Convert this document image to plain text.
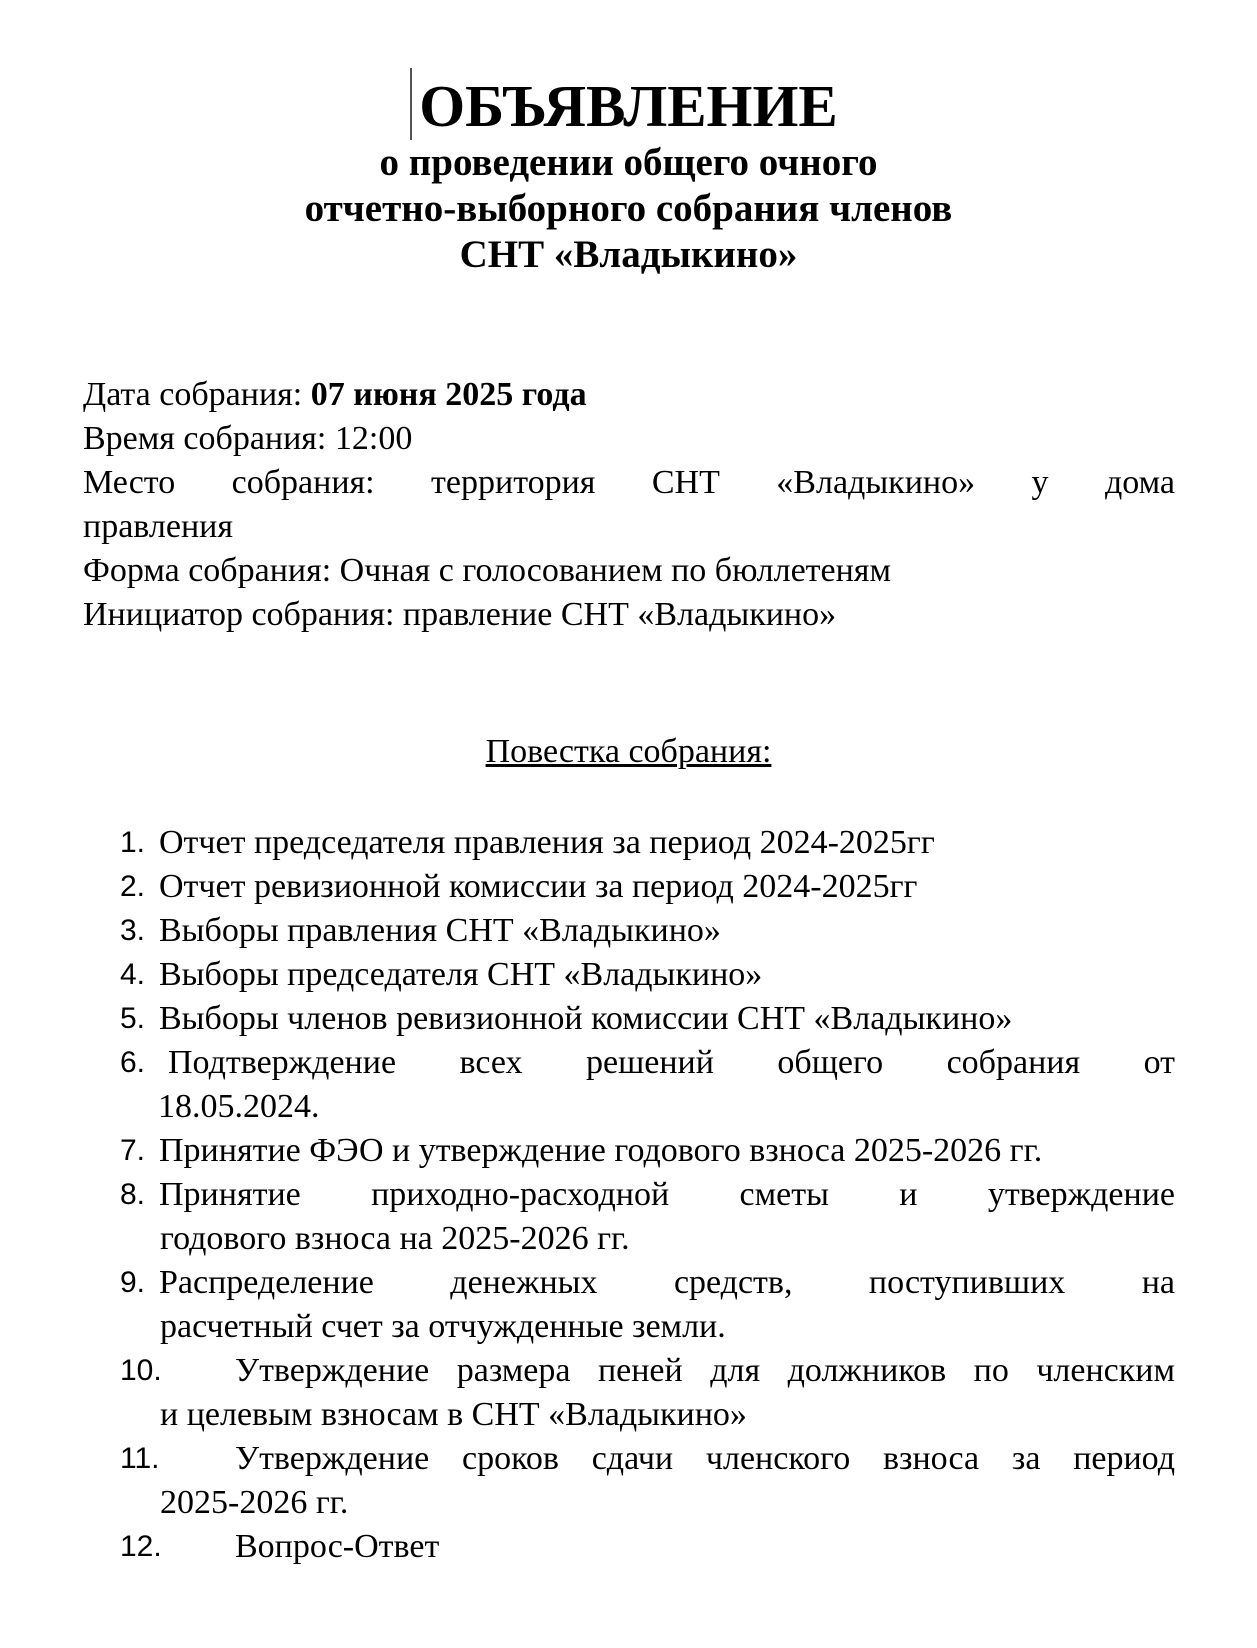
ОБЪЯВЛЕНИЕ
о проведении общего очного
отчетно-выборного собрания членов
СНТ «Владыкино»
Дата собрания: 07 июня 2025 года
Время собрания: 12:00
Место собрания: территория СНТ «Владыкино» у дома
правления
Форма собрания: Очная с голосованием по бюллетеням
Инициатор собрания: правление СНТ «Владыкино»
Повестка собрания:
1. Отчет председателя правления за период 2024-2025гг
2. Отчет ревизионной комиссии за период 2024-2025гг
3. Выборы правления СНТ «Владыкино»
4. Выборы председателя СНТ «Владыкино»
5. Выборы членов ревизионной комиссии СНТ «Владыкино»
6. Подтверждение всех решений общего собрания от
18.05.2024.
7. Принятие ФЭО и утверждение годового взноса 2025-2026 гг.
8. Принятие приходно-расходной сметы и утверждение
годового взноса на 2025-2026 гг.
9. Распределение денежных средств, поступивших на
расчетный счет за отчужденные земли.
10.	Утверждение размера пеней для должников по членским
и целевым взносам в СНТ «Владыкино»
11.	Утверждение сроков сдачи членского взноса за период
2025-2026 гг.
12.	Вопрос-Ответ
